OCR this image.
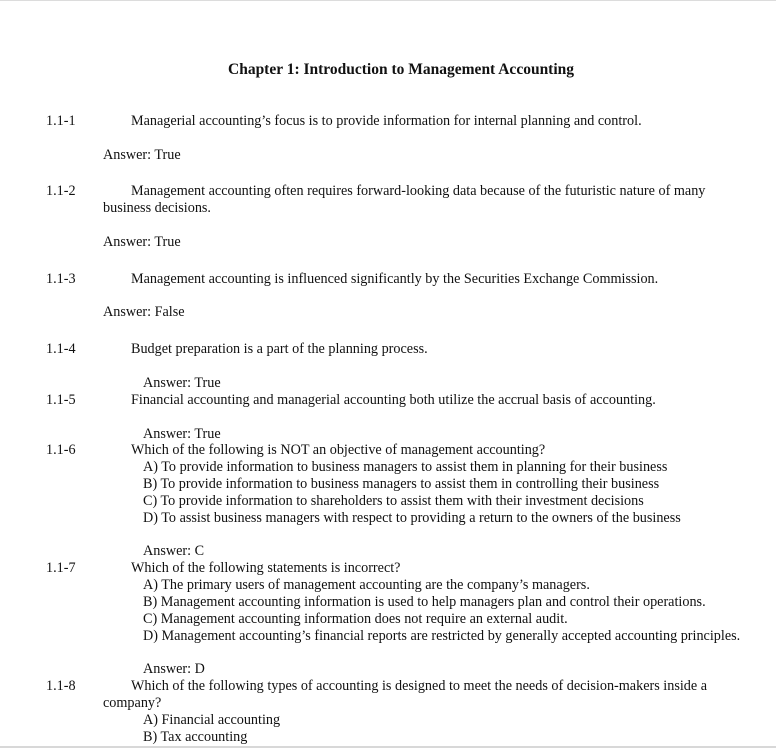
Chapter 1: Introduction to Management Accounting
1.1-1	Managerial accounting’s focus is to provide information for internal planning and control.
Answer: True
1.1-2	Management accounting often requires forward-looking data because of the futuristic nature of many
business decisions.
Answer: True
1.1-3	Management accounting is influenced significantly by the Securities Exchange Commission.
Answer: False
1.1-4	Budget preparation is a part of the planning process.
Answer: True
1.1-5	Financial accounting and managerial accounting both utilize the accrual basis of accounting.
Answer: True
1.1-6	Which of the following is NOT an objective of management accounting?
A) To provide information to business managers to assist them in planning for their business
B) To provide information to business managers to assist them in controlling their business
C) To provide information to shareholders to assist them with their investment decisions
D) To assist business managers with respect to providing a return to the owners of the business
Answer: C
1.1-7	Which of the following statements is incorrect?
A) The primary users of management accounting are the company’s managers.
B) Management accounting information is used to help managers plan and control their operations.
C) Management accounting information does not require an external audit.
D) Management accounting’s financial reports are restricted by generally accepted accounting principles.
Answer: D
1.1-8	Which of the following types of accounting is designed to meet the needs of decision-makers inside a
company?
A) Financial accounting
B) Tax accounting
